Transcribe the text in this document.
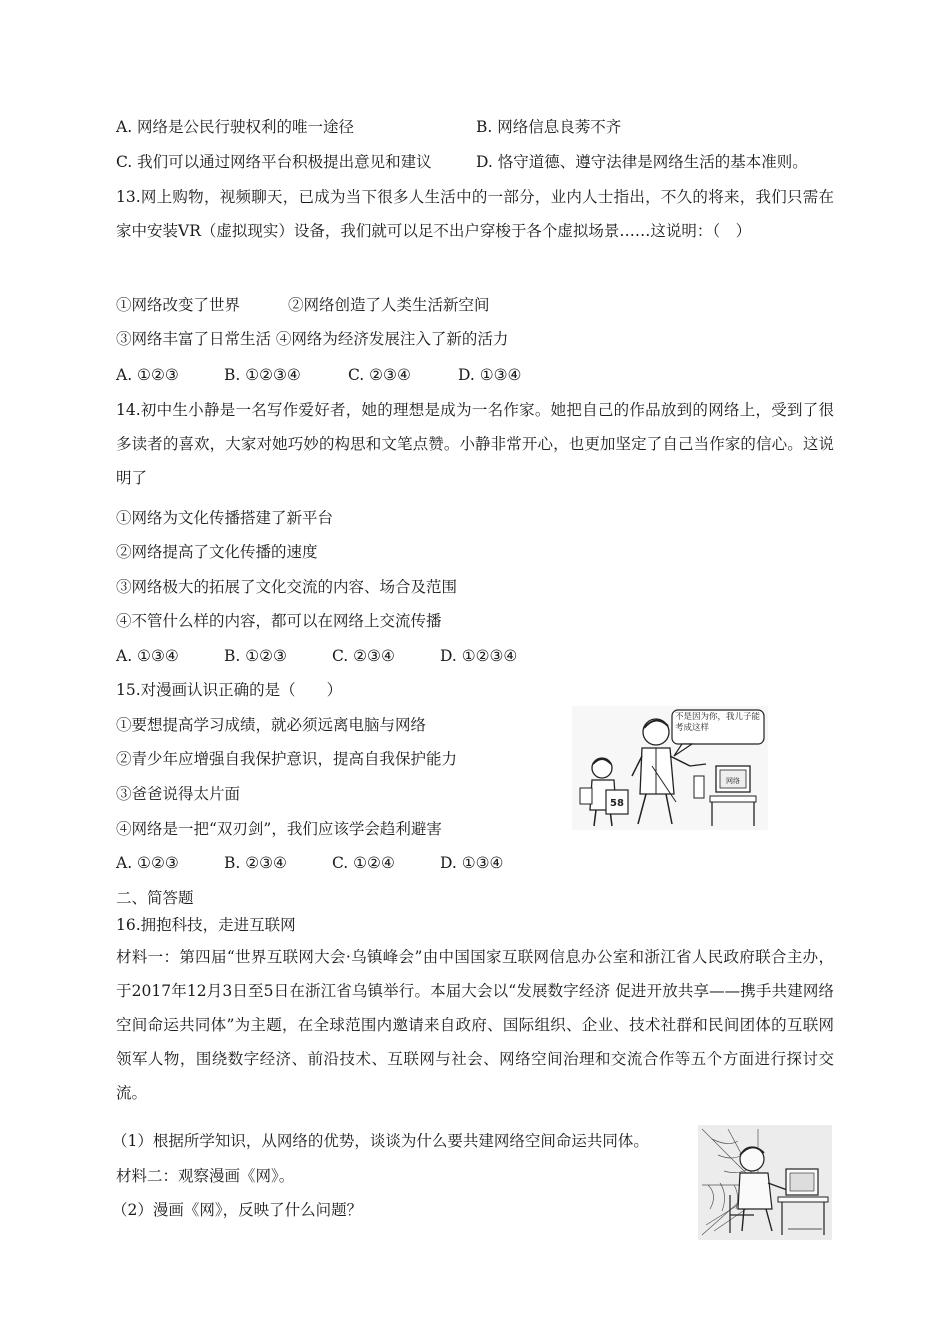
A. 网络是公民行驶权利的唯一途径	B. 网络信息良莠不齐
C. 我们可以通过网络平台积极提出意见和建议	D. 恪守道德、遵守法律是网络生活的基本准则。
13.网上购物，视频聊天，已成为当下很多人生活中的一部分，业内人士指出，不久的将来，我们只需在家中安装VR（虚拟现实）设备，我们就可以足不出户穿梭于各个虚拟场景……这说明：（　）
①网络改变了世界	②网络创造了人类生活新空间
③网络丰富了日常生活 ④网络为经济发展注入了新的活力
A. ①②③	B. ①②③④	C. ②③④	D. ①③④
14.初中生小静是一名写作爱好者，她的理想是成为一名作家。她把自己的作品放到的网络上，受到了很多读者的喜欢，大家对她巧妙的构思和文笔点赞。小静非常开心，也更加坚定了自己当作家的信心。这说明了
①网络为文化传播搭建了新平台
②网络提高了文化传播的速度
③网络极大的拓展了文化交流的内容、场合及范围
④不管什么样的内容，都可以在网络上交流传播
A. ①③④	B. ①②③	C. ②③④	D. ①②③④
15.对漫画认识正确的是（　　）
①要想提高学习成绩，就必须远离电脑与网络
②青少年应增强自我保护意识，提高自我保护能力
③爸爸说得太片面
④网络是一把“双刃剑”，我们应该学会趋利避害
A. ①②③	B. ②③④	C. ①②④	D. ①③④
不是因为你，我儿子能考成这样
58
网络
二、简答题
16.拥抱科技，走进互联网
材料一：第四届“世界互联网大会·乌镇峰会”由中国国家互联网信息办公室和浙江省人民政府联合主办，于2017年12月3日至5日在浙江省乌镇举行。本届大会以“发展数字经济 促进开放共享——携手共建网络空间命运共同体”为主题，在全球范围内邀请来自政府、国际组织、企业、技术社群和民间团体的互联网领军人物，围绕数字经济、前沿技术、互联网与社会、网络空间治理和交流合作等五个方面进行探讨交流。
（1）根据所学知识，从网络的优势，谈谈为什么要共建网络空间命运共同体。
材料二：观察漫画《网》。
（2）漫画《网》，反映了什么问题？
